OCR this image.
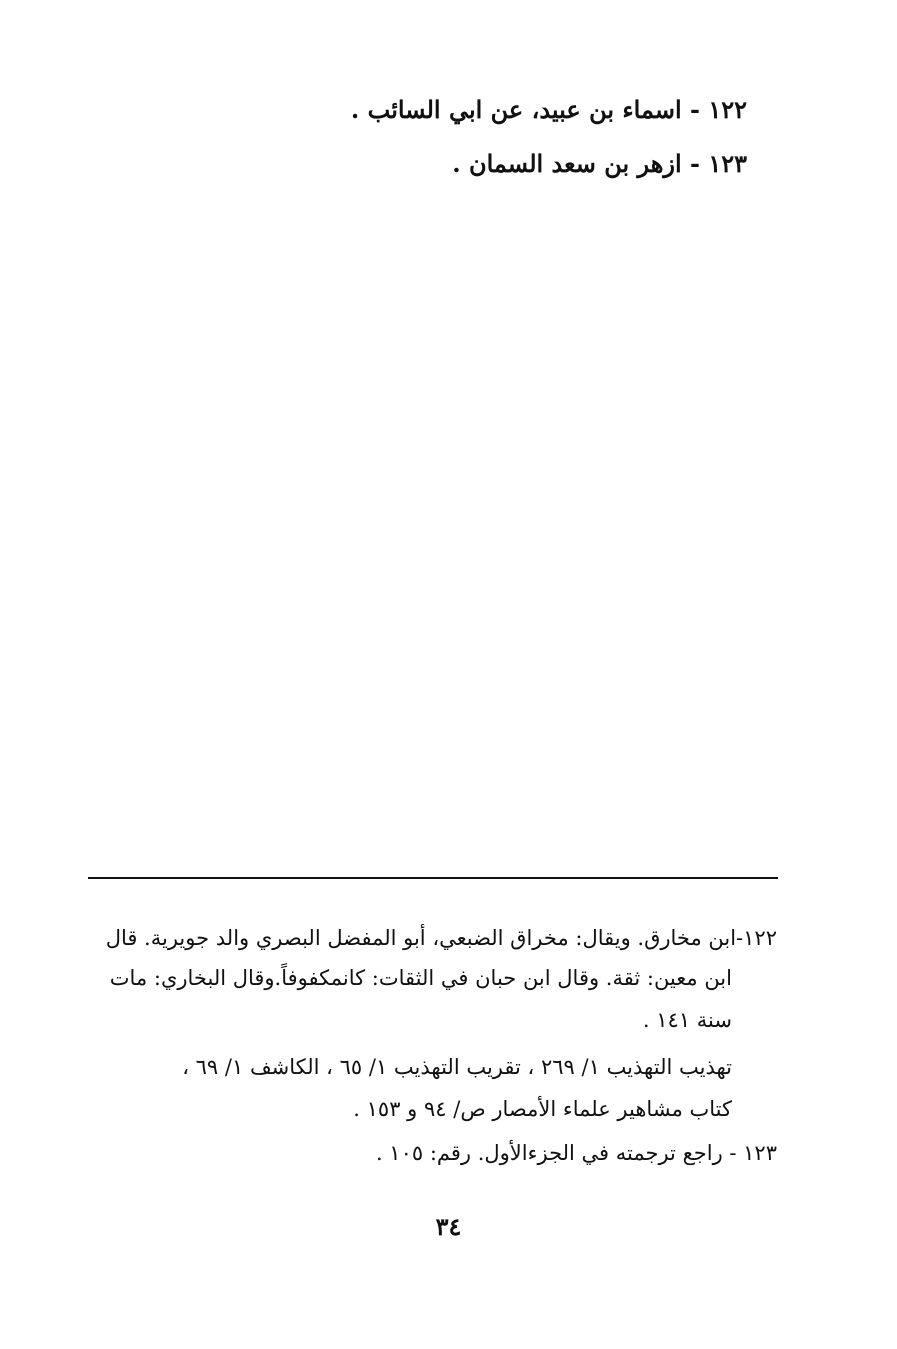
١٢٢ - اسماء بن عبيد، عن ابي السائب .
١٢٣ - ازهر بن سعد السمان .
١٢٢-ابن مخارق. ويقال: مخراق الضبعي، أبو المفضل البصري والد جويرية. قال
ابن معين: ثقة. وقال ابن حبان في الثقات: كانمكفوفاً.وقال البخاري: مات
سنة ١٤١ .
تهذيب التهذيب ١/ ٢٦٩ ، تقريب التهذيب ١/ ٦٥ ، الكاشف ١/ ٦٩ ،
كتاب مشاهير علماء الأمصار ص/ ٩٤ و ١٥٣ .
١٢٣ - راجع ترجمته في الجزءالأول. رقم: ١٠٥ .
٣٤
